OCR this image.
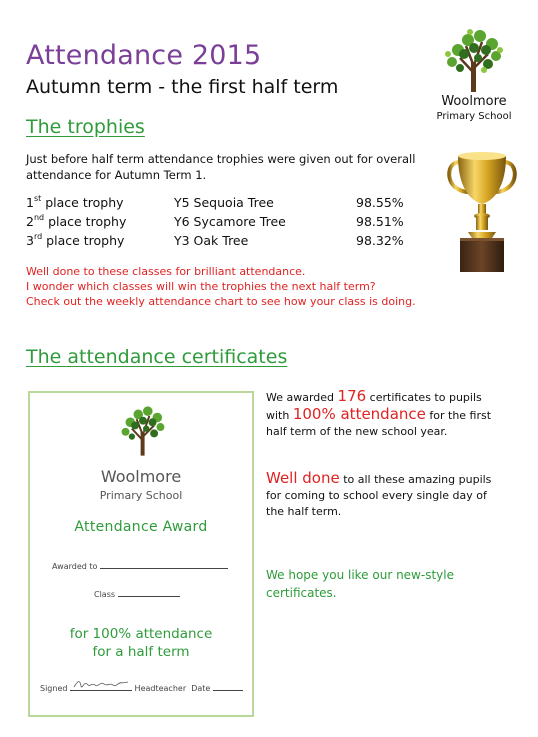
Attendance 2015
Autumn term - the first half term
Woolmore
Primary School
The trophies
Just before half term attendance trophies were given out for overall attendance for Autumn Term 1.
1st place trophy	Y5 Sequoia Tree	98.55%
2nd place trophy	Y6 Sycamore Tree	98.51%
3rd place trophy	Y3 Oak Tree	98.32%
Well done to these classes for brilliant attendance.
I wonder which classes will win the trophies the next half term?
Check out the weekly attendance chart to see how your class is doing.
The attendance certificates
Woolmore
Primary School
Attendance Award
Awarded to
Class
for 100% attendance
for a half term
Signed	Headteacher Date
We awarded 176 certificates to pupils with 100% attendance for the first half term of the new school year.
Well done to all these amazing pupils for coming to school every single day of the half term.
We hope you like our new-style certificates.
